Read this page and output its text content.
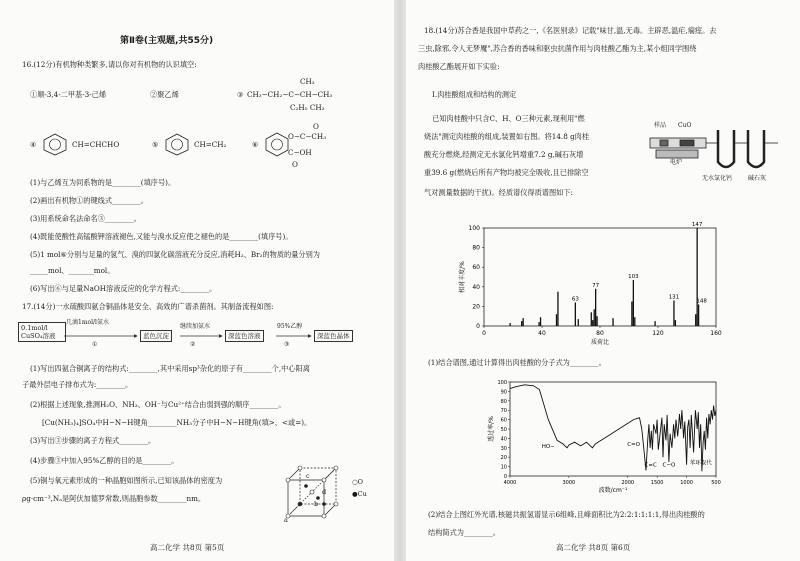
第Ⅱ卷(主观题,共55分)
16.(12分)有机物种类繁多,请以你对有机物的认识填空:
①顺-3,4-二甲基-3-己烯	②聚乙烯	③
CH₃
CH₃−CH₂−C−CH−CH₃
C₂H₅ CH₃
④	CH=CHCHO	⑤	CH=CH₂	⑥
O
O−C−CH₃
C−OH
O
(1)与乙烯互为同系物的是________(填序号)。
(2)画出有机物①的键线式________。
(3)用系统命名法命名③________。
(4)既能使酸性高锰酸钾溶液褪色,又能与溴水反应使之褪色的是________(填序号)。
(5)1 mol⑥分别与足量的氢气、溴的四氯化碳溶液充分反应,消耗H₂、Br₂的物质的量分别为
_____mol、_______mol。
(6)写出⑥与足量NaOH溶液反应的化学方程式:________。
17.(14分)一水硫酸四氨合铜晶体是安全、高效的广谱杀菌剂。其制备流程如图:
0.1mol/l CuSO₄溶液
几滴1mol/l氨水
①
蓝色沉淀
继续加氨水
②
深蓝色溶液
95%乙醇
③
深蓝色晶体
(1)写出四氨合铜离子的结构式:________,其中采用sp³杂化的原子有________个,中心阳离
子最外层电子排布式为:________。
(2)根据上述现象,推测H₂O、NH₃、OH⁻与Cu²⁺结合由弱到强的顺序________。
[Cu(NH₃)₄]SO₄中H−N−H键角________NH₃分子中H−N−H键角(填>、<或=)。
(3)写出③步骤的离子方程式________。
(4)步骤③中加入95%乙醇的目的是________。
(5)铜与氧元素形成的一种晶胞如图所示,已知该晶体的密度为
ρg·cm⁻³,Nₐ是阿伏加德罗常数,则晶胞参数________nm。
○O
●Cu
a
b
c
d
高二化学 共8页 第5页
18.(14分)苏合香是我国中草药之一,《名医别录》记载"味甘,温,无毒。主辟恶,温疟,痫痓。去
三虫,除邪,令人无梦魇",苏合香的香味和驱虫抗菌作用与肉桂酸乙酯为主,某小组同学围绕
肉桂酸乙酯展开如下实验:
Ⅰ.肉桂酸组成和结构的测定
已知肉桂酸中只含C、H、O三种元素,现利用"燃
烧法"测定肉桂酸的组成,装置如右图。将14.8 g肉桂
酸充分燃烧,经测定无水氯化钙增重7.2 g,碱石灰增
重39.6 g(燃烧后所有产物均被完全吸收,且已排除空
气对测量数据的干扰)。经质谱仪得质谱图如下:
样品 CuO
电炉
无水氯化钙	碱石灰
0
20
40
60
80
100
0	40	80	120	160
63
77
103
131
147
148
质荷比
相对丰度/%
(1)结合谱图,通过计算得出肉桂酸的分子式为________。
0
10
20
30
40
50
60
70
80
90
100
4000	3000	2000	1500	1000	500
HO−	C=O
C=C C−O	苯环取代
波数/cm⁻¹
透过率/%
(2)结合上图红外光谱,核磁共振氢谱显示6组峰,且峰面积比为2:2:1:1:1:1,得出肉桂酸的
结构简式为________。
高二化学 共8页 第6页
